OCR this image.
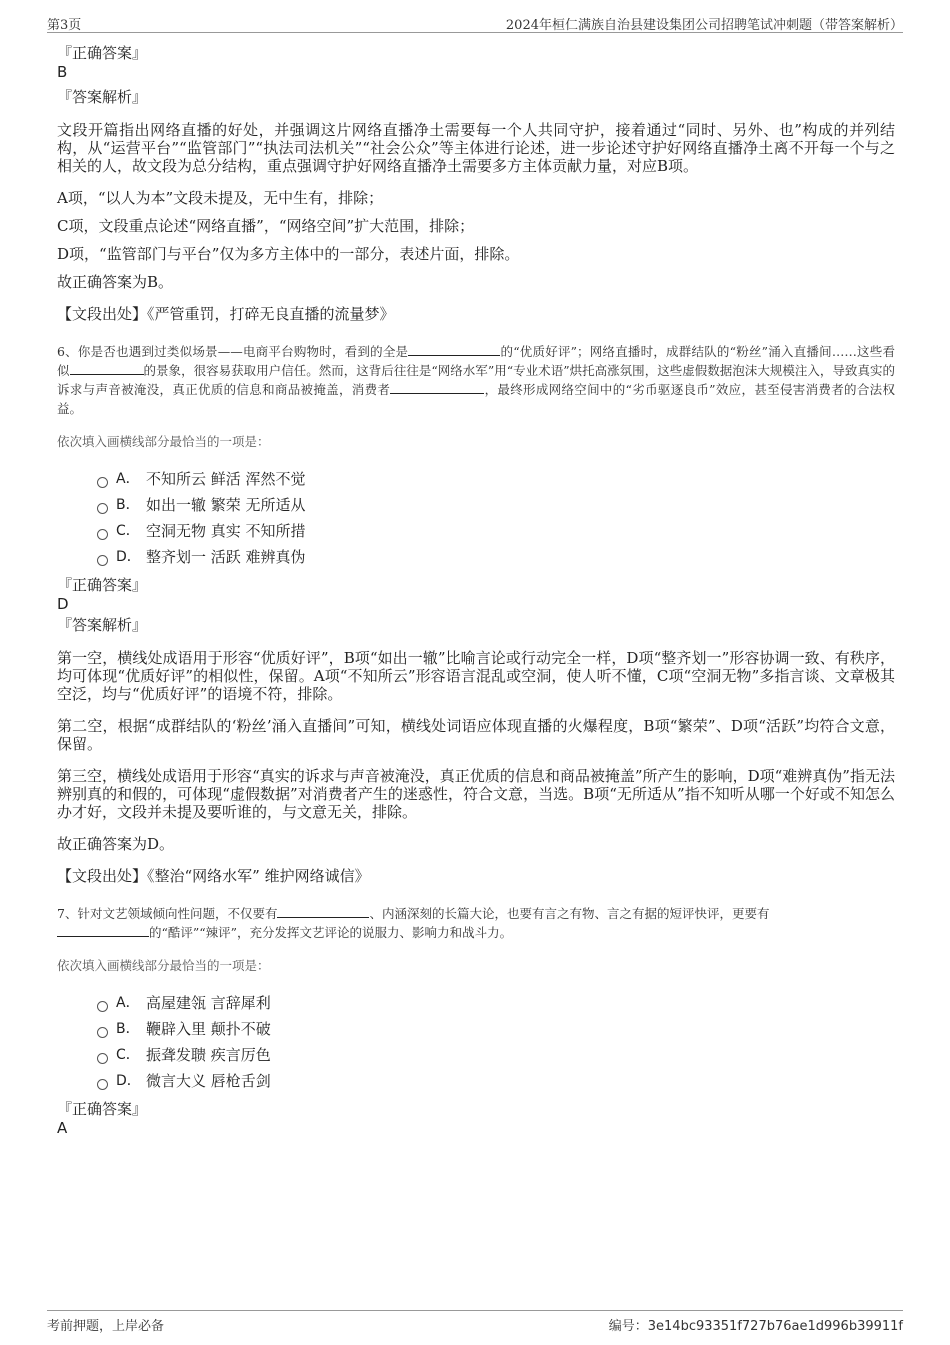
第3页	2024年桓仁满族自治县建设集团公司招聘笔试冲刺题（带答案解析）

『正确答案』

B

『答案解析』

文段开篇指出网络直播的好处，并强调这片网络直播净土需要每一个人共同守护，接着通过“同时、另外、也”构成的并列结构，从“运营平台”“监管部门”“执法司法机关”“社会公众”等主体进行论述，进一步论述守护好网络直播净土离不开每一个与之相关的人，故文段为总分结构，重点强调守护好网络直播净土需要多方主体贡献力量，对应B项。

A项，“以人为本”文段未提及，无中生有，排除；

C项，文段重点论述“网络直播”，“网络空间”扩大范围，排除；

D项，“监管部门与平台”仅为多方主体中的一部分，表述片面，排除。

故正确答案为B。

【文段出处】《严管重罚，打碎无良直播的流量梦》

6、你是否也遇到过类似场景——电商平台购物时，看到的全是	的“优质好评”；网络直播时，成群结队的“粉丝”涌入直播间……这些看似	的景象，很容易获取用户信任。然而，这背后往往是“网络水军”用“专业术语”烘托高涨氛围，这些虚假数据泡沫大规模注入，导致真实的诉求与声音被淹没，真正优质的信息和商品被掩盖，消费者	，最终形成网络空间中的“劣币驱逐良币”效应，甚至侵害消费者的合法权益。

依次填入画横线部分最恰当的一项是：

A． 不知所云 鲜活 浑然不觉
B． 如出一辙 繁荣 无所适从
C． 空洞无物 真实 不知所措
D． 整齐划一 活跃 难辨真伪

『正确答案』

D

『答案解析』

第一空，横线处成语用于形容“优质好评”，B项“如出一辙”比喻言论或行动完全一样，D项“整齐划一”形容协调一致、有秩序，均可体现“优质好评”的相似性，保留。A项“不知所云”形容语言混乱或空洞，使人听不懂，C项“空洞无物”多指言谈、文章极其空泛，均与“优质好评”的语境不符，排除。

第二空，根据“成群结队的‘粉丝’涌入直播间”可知，横线处词语应体现直播的火爆程度，B项“繁荣”、D项“活跃”均符合文意，保留。

第三空，横线处成语用于形容“真实的诉求与声音被淹没，真正优质的信息和商品被掩盖”所产生的影响，D项“难辨真伪”指无法辨别真的和假的，可体现“虚假数据”对消费者产生的迷惑性，符合文意，当选。B项“无所适从”指不知听从哪一个好或不知怎么办才好，文段并未提及要听谁的，与文意无关，排除。

故正确答案为D。

【文段出处】《整治“网络水军” 维护网络诚信》

7、针对文艺领域倾向性问题，不仅要有	、内涵深刻的长篇大论，也要有言之有物、言之有据的短评快评，更要有
的“酷评”“辣评”，充分发挥文艺评论的说服力、影响力和战斗力。

依次填入画横线部分最恰当的一项是：

A． 高屋建瓴 言辞犀利
B． 鞭辟入里 颠扑不破
C． 振聋发聩 疾言厉色
D． 微言大义 唇枪舌剑

『正确答案』

A

考前押题，上岸必备	编号：3e14bc93351f727b76ae1d996b39911f
